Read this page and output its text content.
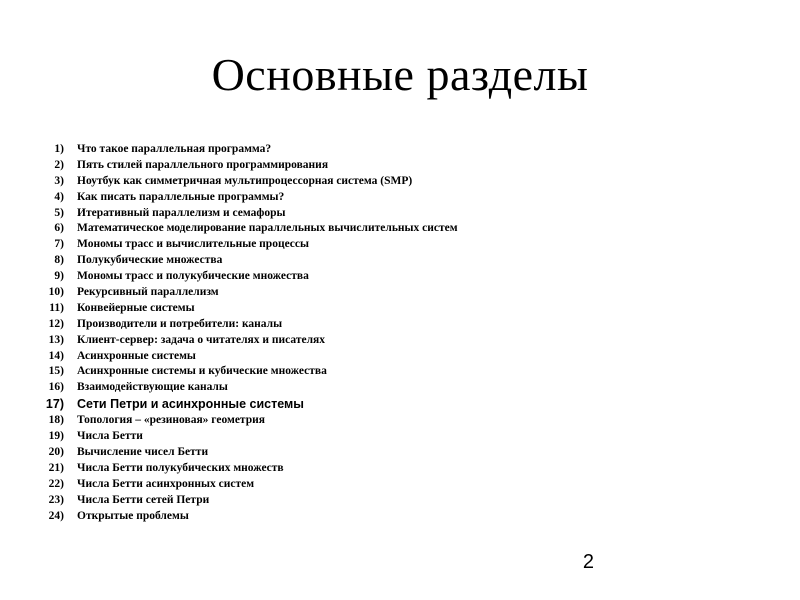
Основные разделы
1)	Что такое параллельная программа?
2)	Пять стилей параллельного программирования
3)	Ноутбук как симметричная мультипроцессорная система (SMP)
4)	Как писать параллельные программы?
5)	Итеративный параллелизм и семафоры
6)	Математическое моделирование параллельных вычислительных систем
7)	Мономы трасс и вычислительные процессы
8)	Полукубические множества
9)	Мономы трасс и полукубические множества
10)	Рекурсивный параллелизм
11)	Конвейерные системы
12)	Производители и потребители: каналы
13)	Клиент-сервер: задача о читателях и писателях
14)	Асинхронные системы
15)	Асинхронные системы и кубические множества
16)	Взаимодействующие каналы
17)	Сети Петри и асинхронные системы
18)	Топология – «резиновая» геометрия
19)	Числа Бетти
20)	Вычисление чисел Бетти
21)	Числа Бетти полукубических множеств
22)	Числа Бетти асинхронных систем
23)	Числа Бетти сетей Петри
24)	Открытые проблемы
2
